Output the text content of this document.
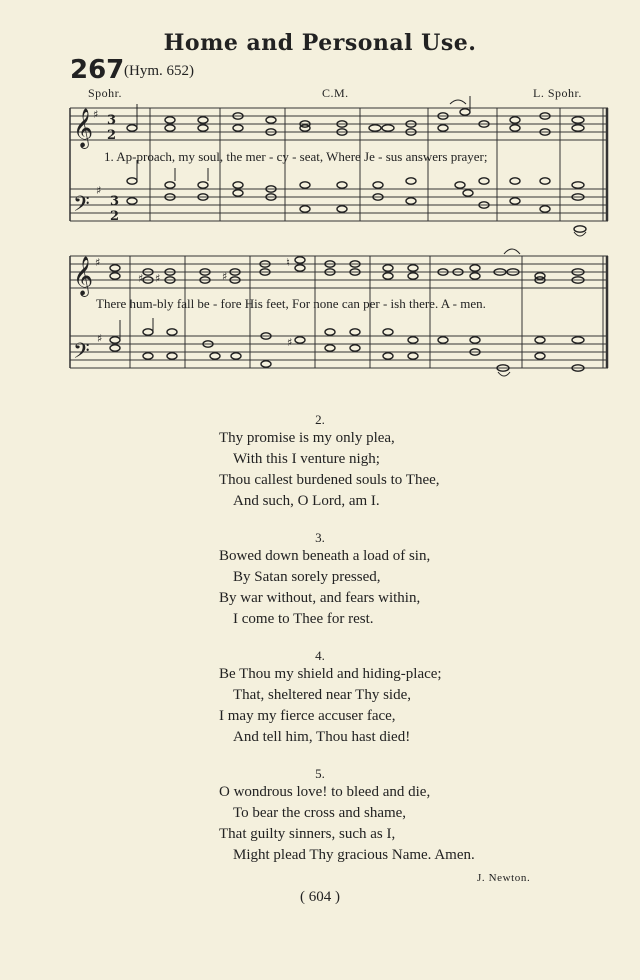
Home and Personal Use.
267 (Hym. 652)
Spohr.	C.M.	L. Spohr.
𝄞
𝄢
𝄞
𝄢
♯
♯
♯
♯
3
2
3
2
♯ ♯	♯
♮
♯
1. Ap-proach, my soul, the mer - cy - seat, Where Je - sus answers prayer;
There hum-bly fall be - fore His feet, For none can per - ish there. A - men.
2.
Thy promise is my only plea,
With this I venture nigh;
Thou callest burdened souls to Thee,
And such, O Lord, am I.
3.
Bowed down beneath a load of sin,
By Satan sorely pressed,
By war without, and fears within,
I come to Thee for rest.
4.
Be Thou my shield and hiding-place;
That, sheltered near Thy side,
I may my fierce accuser face,
And tell him, Thou hast died!
5.
O wondrous love! to bleed and die,
To bear the cross and shame,
That guilty sinners, such as I,
Might plead Thy gracious Name. Amen.
J. Newton.
( 604 )
